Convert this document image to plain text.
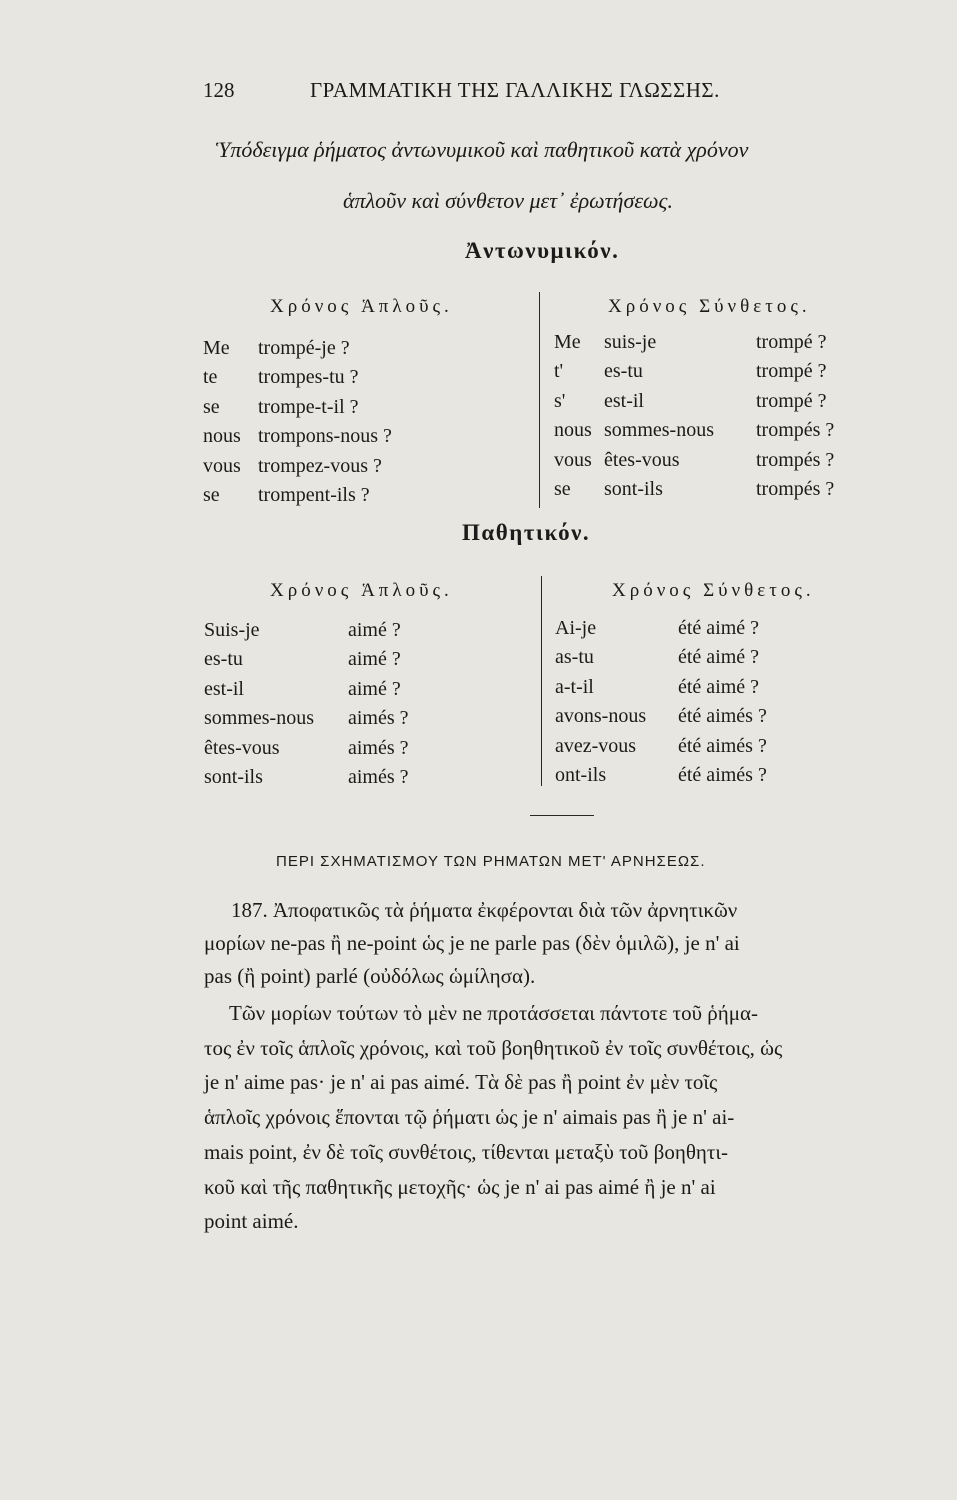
128	ΓΡΑΜΜΑΤΙΚΗ ΤΗΣ ΓΑΛΛΙΚΗΣ ΓΛΩΣΣΗΣ.
Ὑπόδειγμα ῥήματος ἀντωνυμικοῦ καὶ παθητικοῦ κατὰ χρόνον
ἁπλοῦν καὶ σύνθετον μετ᾽ ἐρωτήσεως.
Ἀντωνυμικόν.
Χρόνος Ἁπλοῦς.	Χρόνος Σύνθετος.
Me trompé-je ?
te trompes-tu ?
se trompe-t-il ?
nous trompons-nous ?
vous trompez-vous ?
se trompent-ils ?
Me suis-je	trompé ?
t' es-tu	trompé ?
s' est-il	trompé ?
nous sommes-nous trompés ?
vous êtes-vous	trompés ?
se sont-ils	trompés ?
Παθητικόν.
Χρόνος Ἁπλοῦς.	Χρόνος Σύνθετος.
Suis-je	aimé ?
es-tu	aimé ?
est-il	aimé ?
sommes-nous aimés ?
êtes-vous	aimés ?
sont-ils	aimés ?
Ai-je	été aimé ?
as-tu	été aimé ?
a-t-il	été aimé ?
avons-nous été aimés ?
avez-vous été aimés ?
ont-ils	été aimés ?
ΠΕΡΙ ΣΧΗΜΑΤΙΣΜΟΥ ΤΩΝ ΡΗΜΑΤΩΝ ΜΕΤ' ΑΡΝΗΣΕΩΣ.
187. Ἀποφατικῶς τὰ ῥήματα ἐκφέρονται διὰ τῶν ἀρνητικῶν
μορίων ne-pas ἢ ne-point ὡς je ne parle pas (δὲν ὁμιλῶ), je n' ai
pas (ἢ point) parlé (οὐδόλως ὡμίλησα).
Τῶν μορίων τούτων τὸ μὲν ne προτάσσεται πάντοτε τοῦ ῥήμα-
τος ἐν τοῖς ἁπλοῖς χρόνοις, καὶ τοῦ βοηθητικοῦ ἐν τοῖς συνθέτοις, ὡς
je n' aime pas· je n' ai pas aimé. Τὰ δὲ pas ἢ point ἐν μὲν τοῖς
ἁπλοῖς χρόνοις ἕπονται τῷ ῥήματι ὡς je n' aimais pas ἢ je n' ai-
mais point, ἐν δὲ τοῖς συνθέτοις, τίθενται μεταξὺ τοῦ βοηθητι-
κοῦ καὶ τῆς παθητικῆς μετοχῆς· ὡς je n' ai pas aimé ἢ je n' ai
point aimé.
